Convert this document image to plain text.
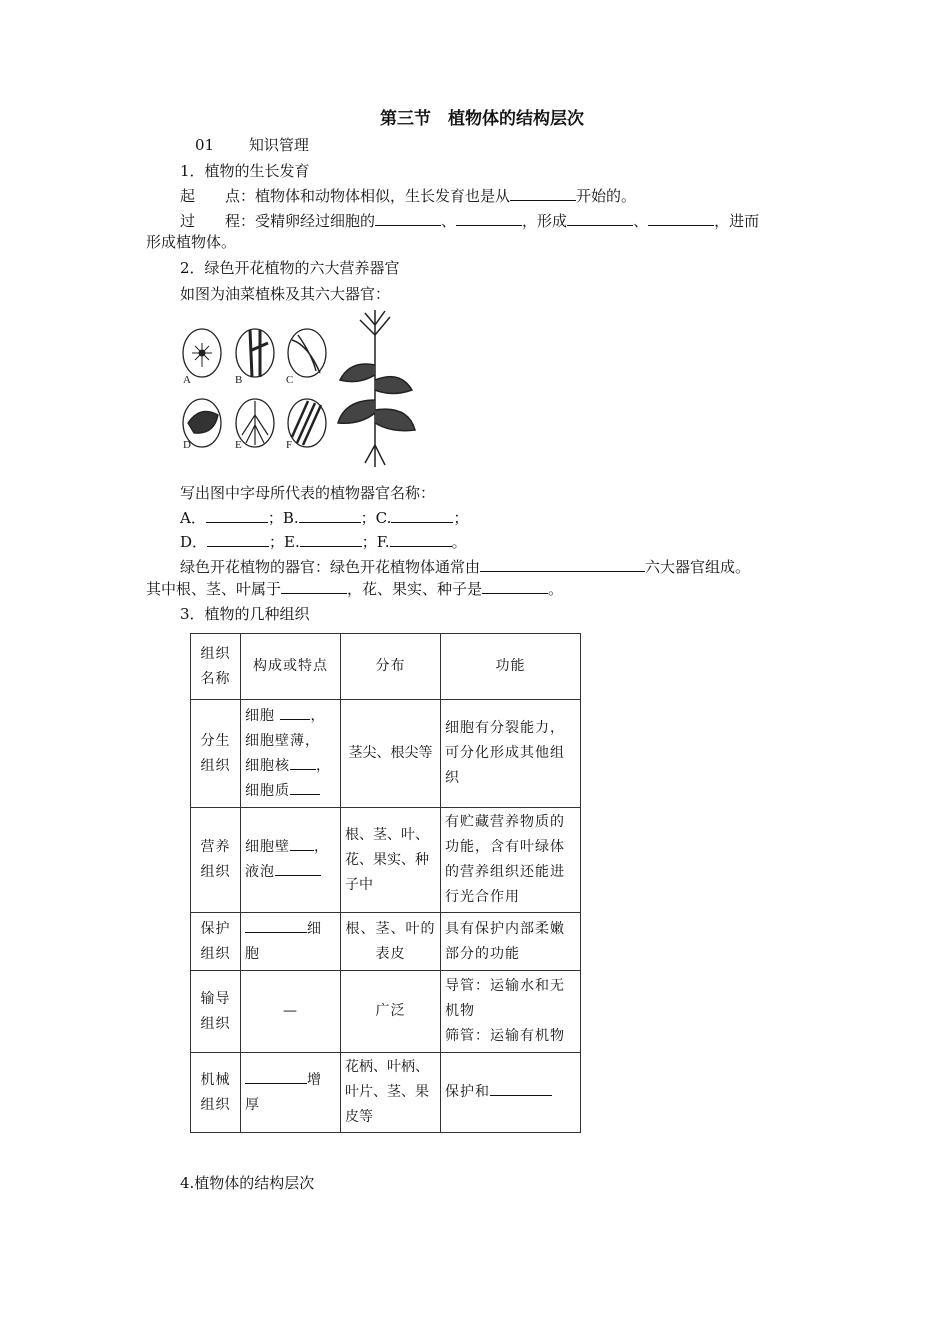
第三节　植物体的结构层次
01 知识管理
1．植物的生长发育
起　　点：植物体和动物体相似，生长发育也是从	开始的。
过　　程：受精卵经过细胞的	、	，形成	、	，进而
形成植物体。
2．绿色开花植物的六大营养器官
如图为油菜植株及其六大器官：
A	B	C
D	E	F
写出图中字母所代表的植物器官名称：
A．	；B.	；C.	；
D．	；E.	；F.	。
绿色开花植物的器官：绿色开花植物体通常由	六大器官组成。
其中根、茎、叶属于	，花、果实、种子是	。
3．植物的几种组织
组织名称	构成或特点	分布	功能
分生组织	细胞 ，
细胞壁薄，
细胞核 ，
细胞质	茎尖、根尖等	细胞有分裂能力，可分化形成其他组织
营养组织	细胞壁 ，
液泡	根、茎、叶、花、果实、种子中	有贮藏营养物质的功能，含有叶绿体的营养组织还能进行光合作用
保护组织	细胞	根、茎、叶的表皮	具有保护内部柔嫩部分的功能
输导组织	—	广泛	导管：运输水和无机物
筛管：运输有机物

机械组织	增厚	花柄、叶柄、叶片、茎、果皮等	保护和
4.植物体的结构层次
